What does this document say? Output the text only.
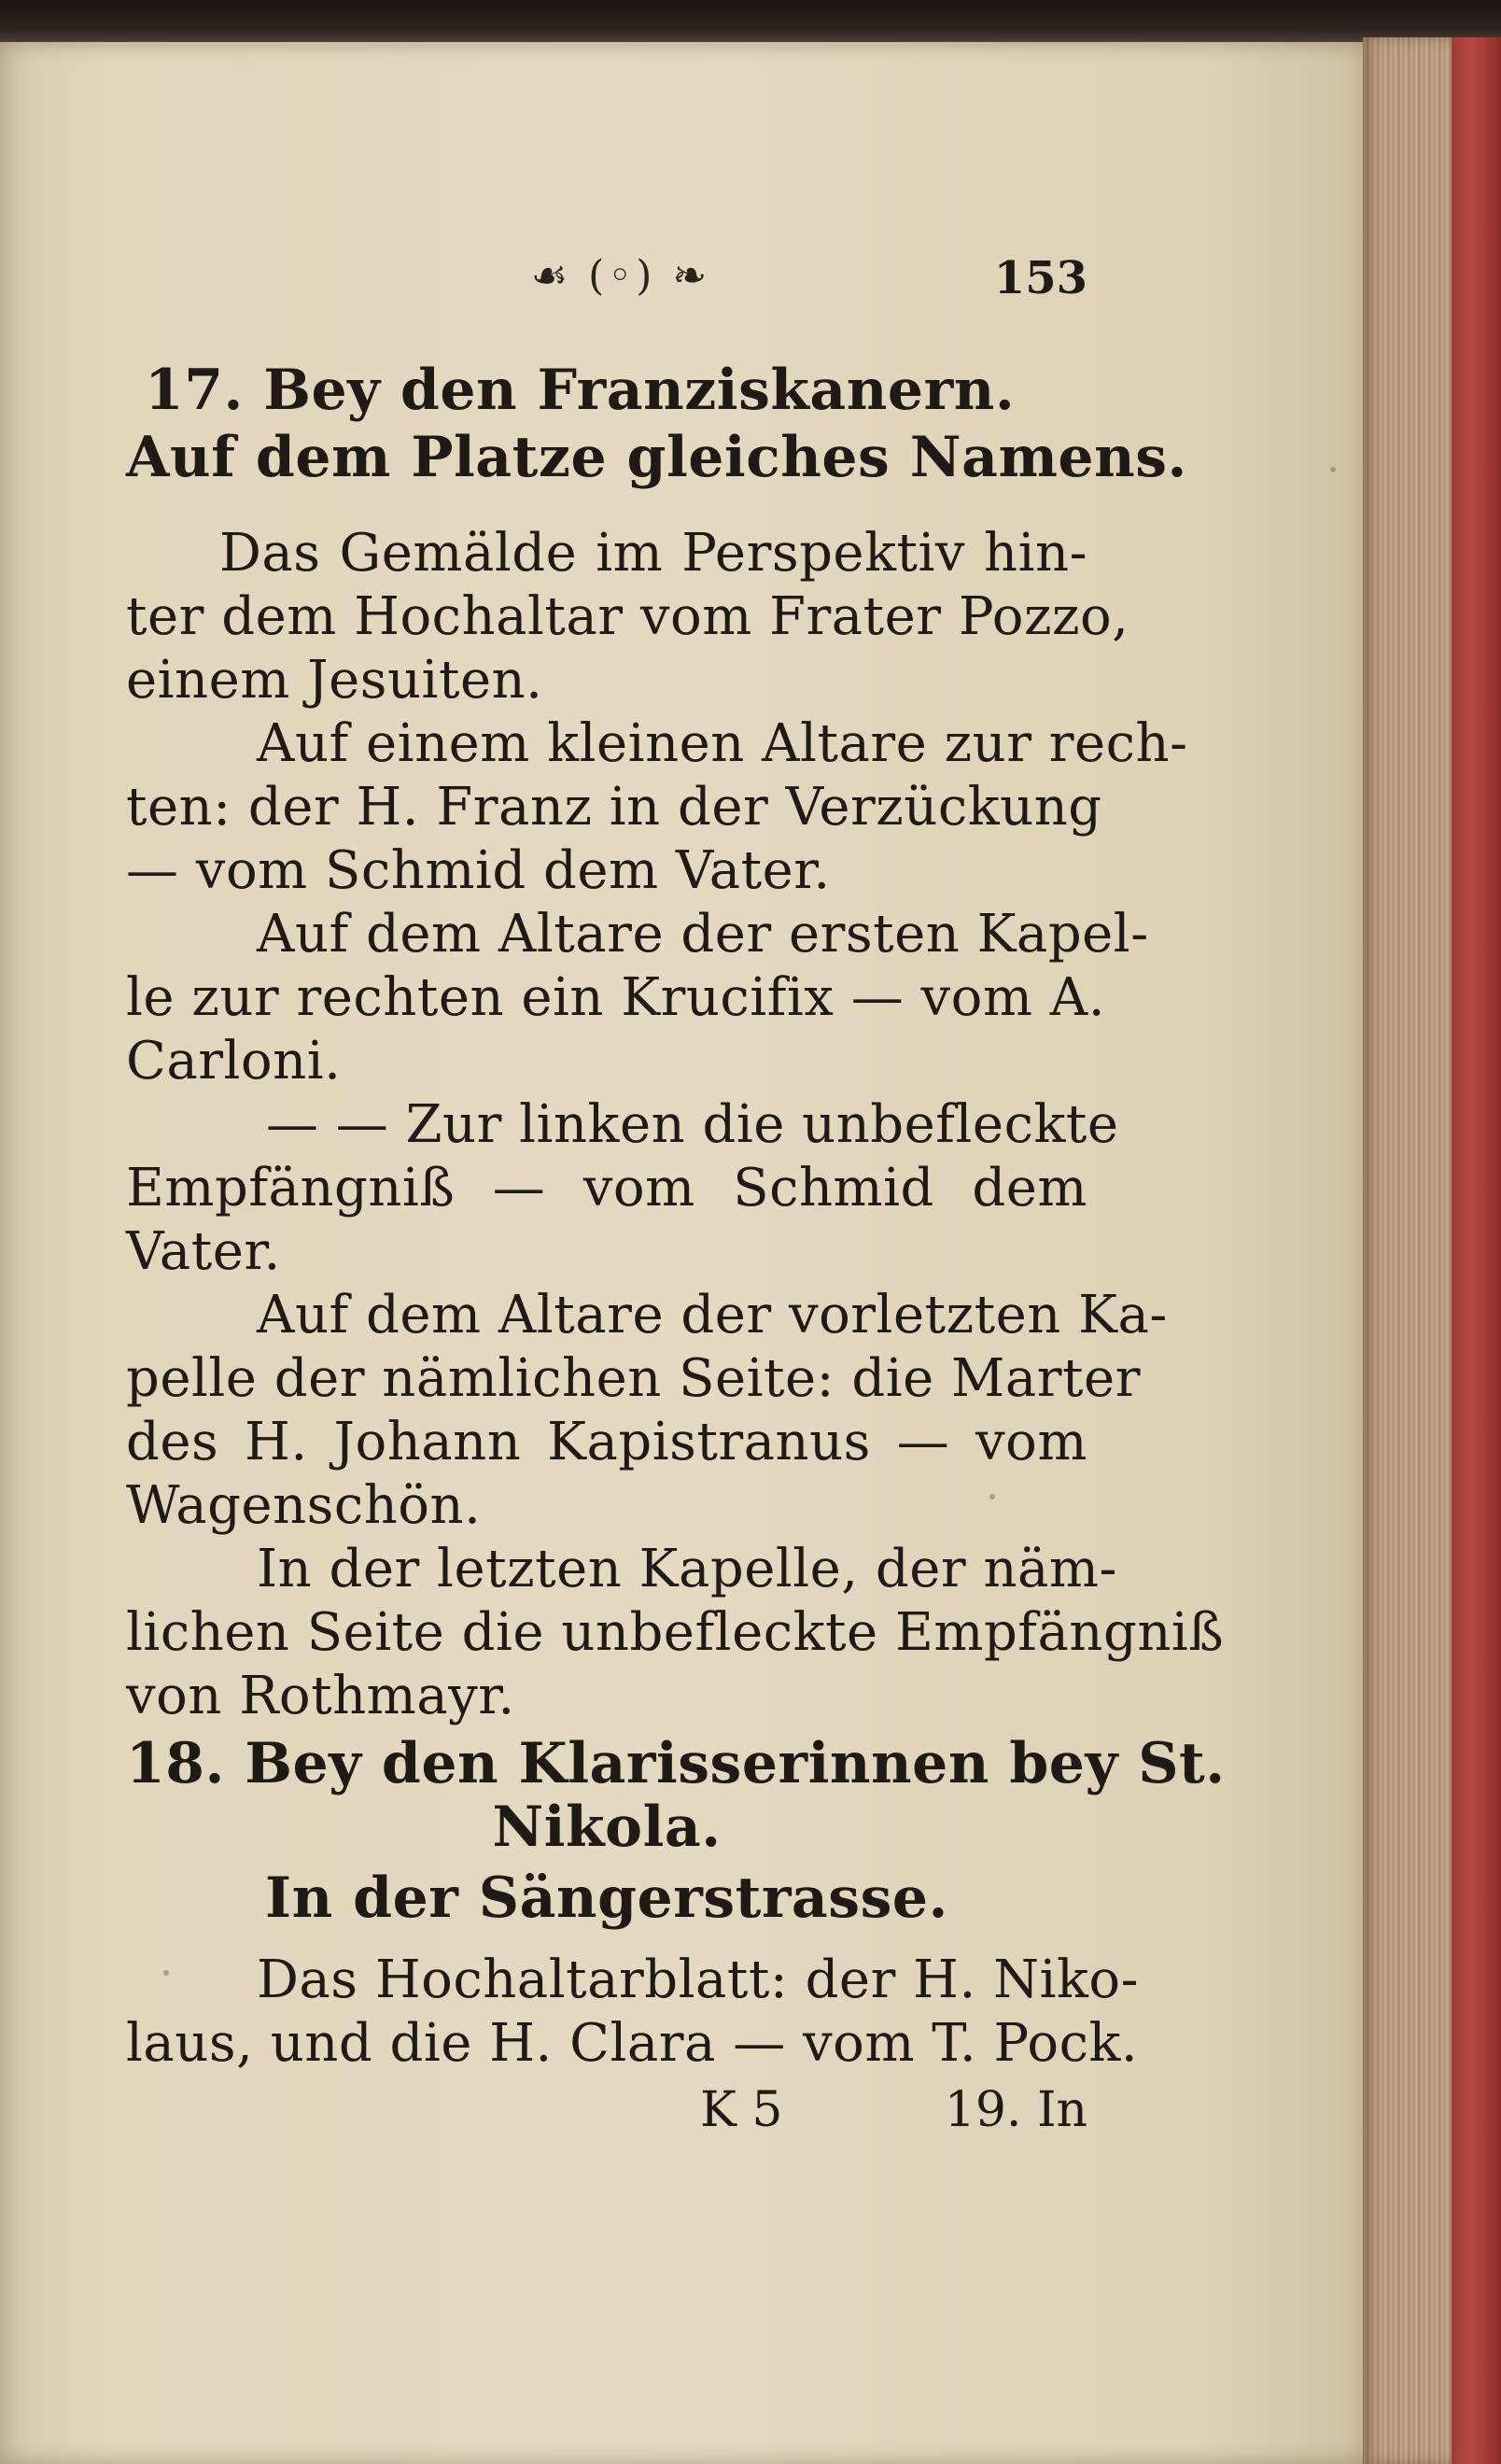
☙ (◦) ❧	153
17. Bey den Franziskanern.
Auf dem Platze gleiches Namens.
Das Gemälde im Perspektiv hin-
ter dem Hochaltar vom Frater Pozzo,
einem Jesuiten.
Auf einem kleinen Altare zur rech-
ten: der H. Franz in der Verzückung
— vom Schmid dem Vater.
Auf dem Altare der ersten Kapel-
le zur rechten ein Krucifix — vom A.
Carloni.
— — Zur linken die unbefleckte
Empfängniß — vom Schmid dem
Vater.
Auf dem Altare der vorletzten Ka-
pelle der nämlichen Seite: die Marter
des H. Johann Kapistranus — vom
Wagenschön.
In der letzten Kapelle, der näm-
lichen Seite die unbefleckte Empfängniß
von Rothmayr.
18. Bey den Klarisserinnen bey St.
Nikola.
In der Sängerstrasse.
Das Hochaltarblatt: der H. Niko-
laus, und die H. Clara — vom T. Pock.
K 5	19. In
